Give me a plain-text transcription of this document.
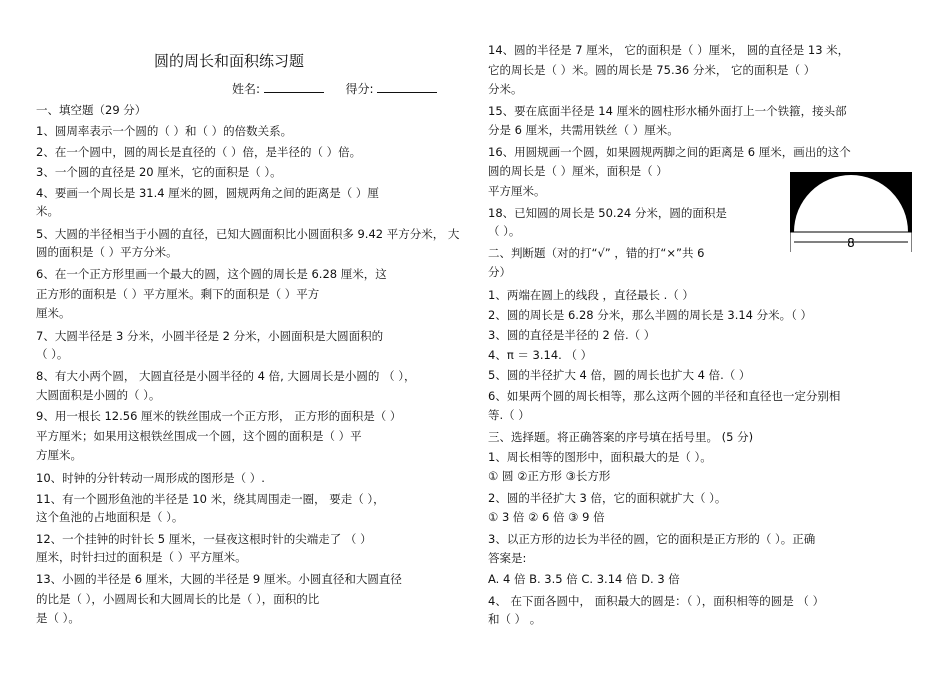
圆的周长和面积练习题
姓名:	得分:
一、填空题（29 分）
1、圆周率表示一个圆的（ ）和（ ）的倍数关系。
2、在一个圆中，圆的周长是直径的（ ）倍，是半径的（ ）倍。
3、一个圆的直径是 20 厘米，它的面积是（ ）。
4、要画一个周长是 31.4 厘米的圆，圆规两角之间的距离是（ ）厘
米。
5、大圆的半径相当于小圆的直径，已知大圆面积比小圆面积多 9.42 平方分米， 大
圆的面积是（ ）平方分米。
6、在一个正方形里画一个最大的圆，这个圆的周长是 6.28 厘米，这
正方形的面积是（ ）平方厘米。剩下的面积是（ ）平方
厘米。
7、大圆半径是 3 分米，小圆半径是 2 分米，小圆面积是大圆面积的
（ ）。
8、有大小两个圆， 大圆直径是小圆半径的 4 倍, 大圆周长是小圆的 （ ），
大圆面积是小圆的（ ）。
9、用一根长 12.56 厘米的铁丝围成一个正方形， 正方形的面积是（ ）
平方厘米；如果用这根铁丝围成一个圆，这个圆的面积是（ ）平
方厘米。
10、时钟的分针转动一周形成的图形是（ ）.
11、有一个圆形鱼池的半径是 10 米，绕其周围走一圈， 要走（ ），
这个鱼池的占地面积是（ ）。
12、一个挂钟的时针长 5 厘米，一昼夜这根时针的尖端走了 （ ）
厘米，时针扫过的面积是（ ）平方厘米。
13、小圆的半径是 6 厘米，大圆的半径是 9 厘米。小圆直径和大圆直径
的比是（ ），小圆周长和大圆周长的比是（ ），面积的比
是（ ）。
14、圆的半径是 7 厘米， 它的面积是（ ）厘米， 圆的直径是 13 米，
它的周长是（ ）米。圆的周长是 75.36 分米， 它的面积是（ ）
分米。
15、要在底面半径是 14 厘米的圆柱形水桶外面打上一个铁箍，接头部
分是 6 厘米，共需用铁丝（ ）厘米。
16、用圆规画一个圆，如果圆规两脚之间的距离是 6 厘米，画出的这个
圆的周长是（ ）厘米，面积是（ ）
平方厘米。
18、已知圆的周长是 50.24 分米，圆的面积是
（ ）。
二、判断题（对的打“√” ，错的打“×”共 6
分）
1、两端在圆上的线段 ，直径最长 .（ ）
2、圆的周长是 6.28 分米，那么半圆的周长是 3.14 分米。（ ）
3、圆的直径是半径的 2 倍.（ ）
4、π ＝ 3.14. （ ）
5、圆的半径扩大 4 倍，圆的周长也扩大 4 倍.（ ）
6、如果两个圆的周长相等，那么这两个圆的半径和直径也一定分别相
等.（ ）
三、选择题。将正确答案的序号填在括号里。 (5 分)
1、周长相等的图形中，面积最大的是（ ）。
① 圆 ②正方形 ③长方形
2、圆的半径扩大 3 倍，它的面积就扩大（ ）。
① 3 倍 ② 6 倍 ③ 9 倍
3、以正方形的边长为半径的圆，它的面积是正方形的（ ）。正确
答案是:
A. 4 倍 B. 3.5 倍 C. 3.14 倍 D. 3 倍
4、 在下面各圆中， 面积最大的圆是：（ ），面积相等的圆是 （ ）
和（ ） 。
8
